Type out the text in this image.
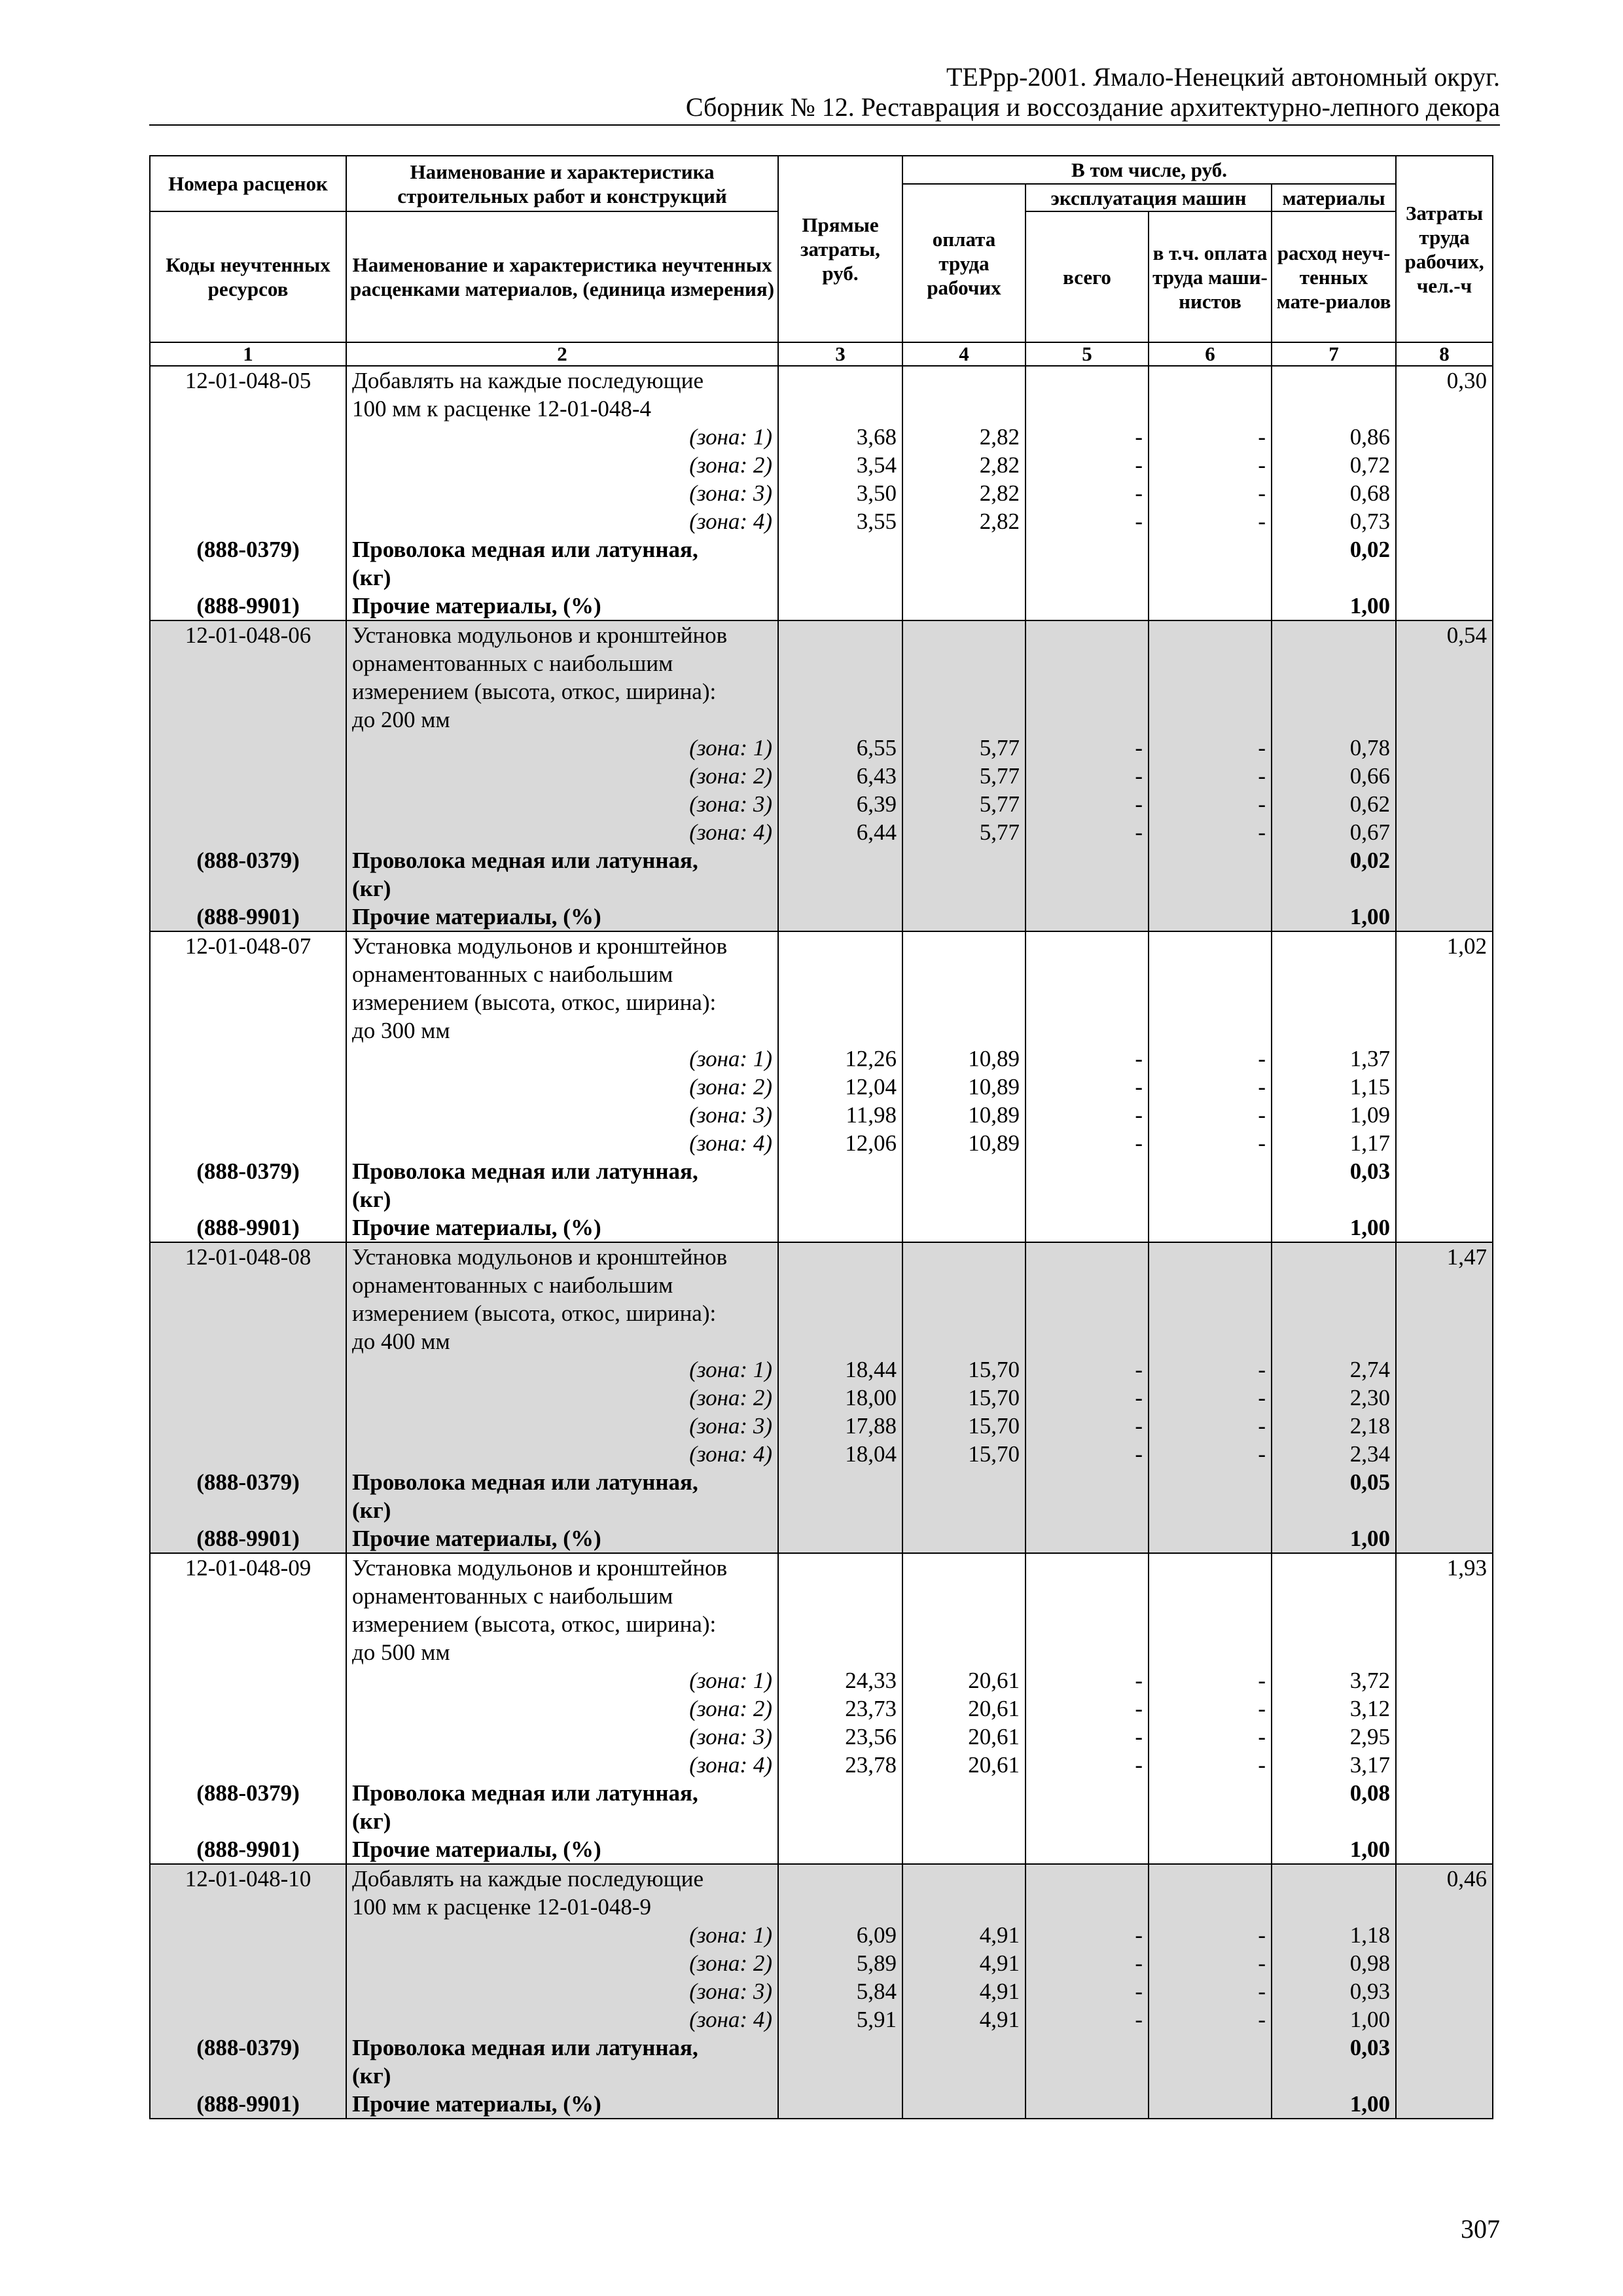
ТЕРрр-2001. Ямало-Ненецкий автономный округ.
Сборник № 12. Реставрация и воссоздание архитектурно-лепного декора
Номера расценок	Наименование и характеристика строительных работ и конструкций	Прямые затраты, руб.	В том числе, руб.				Затраты труда рабочих, чел.-ч
			оплата труда рабочих	эксплуатация машин		материалы	
Коды неучтенных ресурсов	Наименование и характеристика неучтенных расценками материалов, (единица измерения)			всего	в т.ч. оплата труда маши-нистов	расход неуч-тенных мате-риалов	
1	2	3	4	5	6	7	8
12-01-048-05	Добавлять на каждые последующие						0,30
	100 мм к расценке 12-01-048-4						
	(зона: 1)	3,68	2,82	-	-	0,86	
	(зона: 2)	3,54	2,82	-	-	0,72	
	(зона: 3)	3,50	2,82	-	-	0,68	
	(зона: 4)	3,55	2,82	-	-	0,73	
(888-0379)	Проволока медная или латунная,					0,02	
	(кг)						
(888-9901)	Прочие материалы, (%)					1,00	
12-01-048-06	Установка модульонов и кронштейнов						0,54
	орнаментованных с наибольшим						
	измерением (высота, откос, ширина):						
	до 200 мм						
	(зона: 1)	6,55	5,77	-	-	0,78	
	(зона: 2)	6,43	5,77	-	-	0,66	
	(зона: 3)	6,39	5,77	-	-	0,62	
	(зона: 4)	6,44	5,77	-	-	0,67	
(888-0379)	Проволока медная или латунная,					0,02	
	(кг)						
(888-9901)	Прочие материалы, (%)					1,00	
12-01-048-07	Установка модульонов и кронштейнов						1,02
	орнаментованных с наибольшим						
	измерением (высота, откос, ширина):						
	до 300 мм						
	(зона: 1)	12,26	10,89	-	-	1,37	
	(зона: 2)	12,04	10,89	-	-	1,15	
	(зона: 3)	11,98	10,89	-	-	1,09	
	(зона: 4)	12,06	10,89	-	-	1,17	
(888-0379)	Проволока медная или латунная,					0,03	
	(кг)						
(888-9901)	Прочие материалы, (%)					1,00	
12-01-048-08	Установка модульонов и кронштейнов						1,47
	орнаментованных с наибольшим						
	измерением (высота, откос, ширина):						
	до 400 мм						
	(зона: 1)	18,44	15,70	-	-	2,74	
	(зона: 2)	18,00	15,70	-	-	2,30	
	(зона: 3)	17,88	15,70	-	-	2,18	
	(зона: 4)	18,04	15,70	-	-	2,34	
(888-0379)	Проволока медная или латунная,					0,05	
	(кг)						
(888-9901)	Прочие материалы, (%)					1,00	
12-01-048-09	Установка модульонов и кронштейнов						1,93
	орнаментованных с наибольшим						
	измерением (высота, откос, ширина):						
	до 500 мм						
	(зона: 1)	24,33	20,61	-	-	3,72	
	(зона: 2)	23,73	20,61	-	-	3,12	
	(зона: 3)	23,56	20,61	-	-	2,95	
	(зона: 4)	23,78	20,61	-	-	3,17	
(888-0379)	Проволока медная или латунная,					0,08	
	(кг)						
(888-9901)	Прочие материалы, (%)					1,00	
12-01-048-10	Добавлять на каждые последующие						0,46
	100 мм к расценке 12-01-048-9						
	(зона: 1)	6,09	4,91	-	-	1,18	
	(зона: 2)	5,89	4,91	-	-	0,98	
	(зона: 3)	5,84	4,91	-	-	0,93	
	(зона: 4)	5,91	4,91	-	-	1,00	
(888-0379)	Проволока медная или латунная,					0,03	
	(кг)						
(888-9901)	Прочие материалы, (%)					1,00	
307
